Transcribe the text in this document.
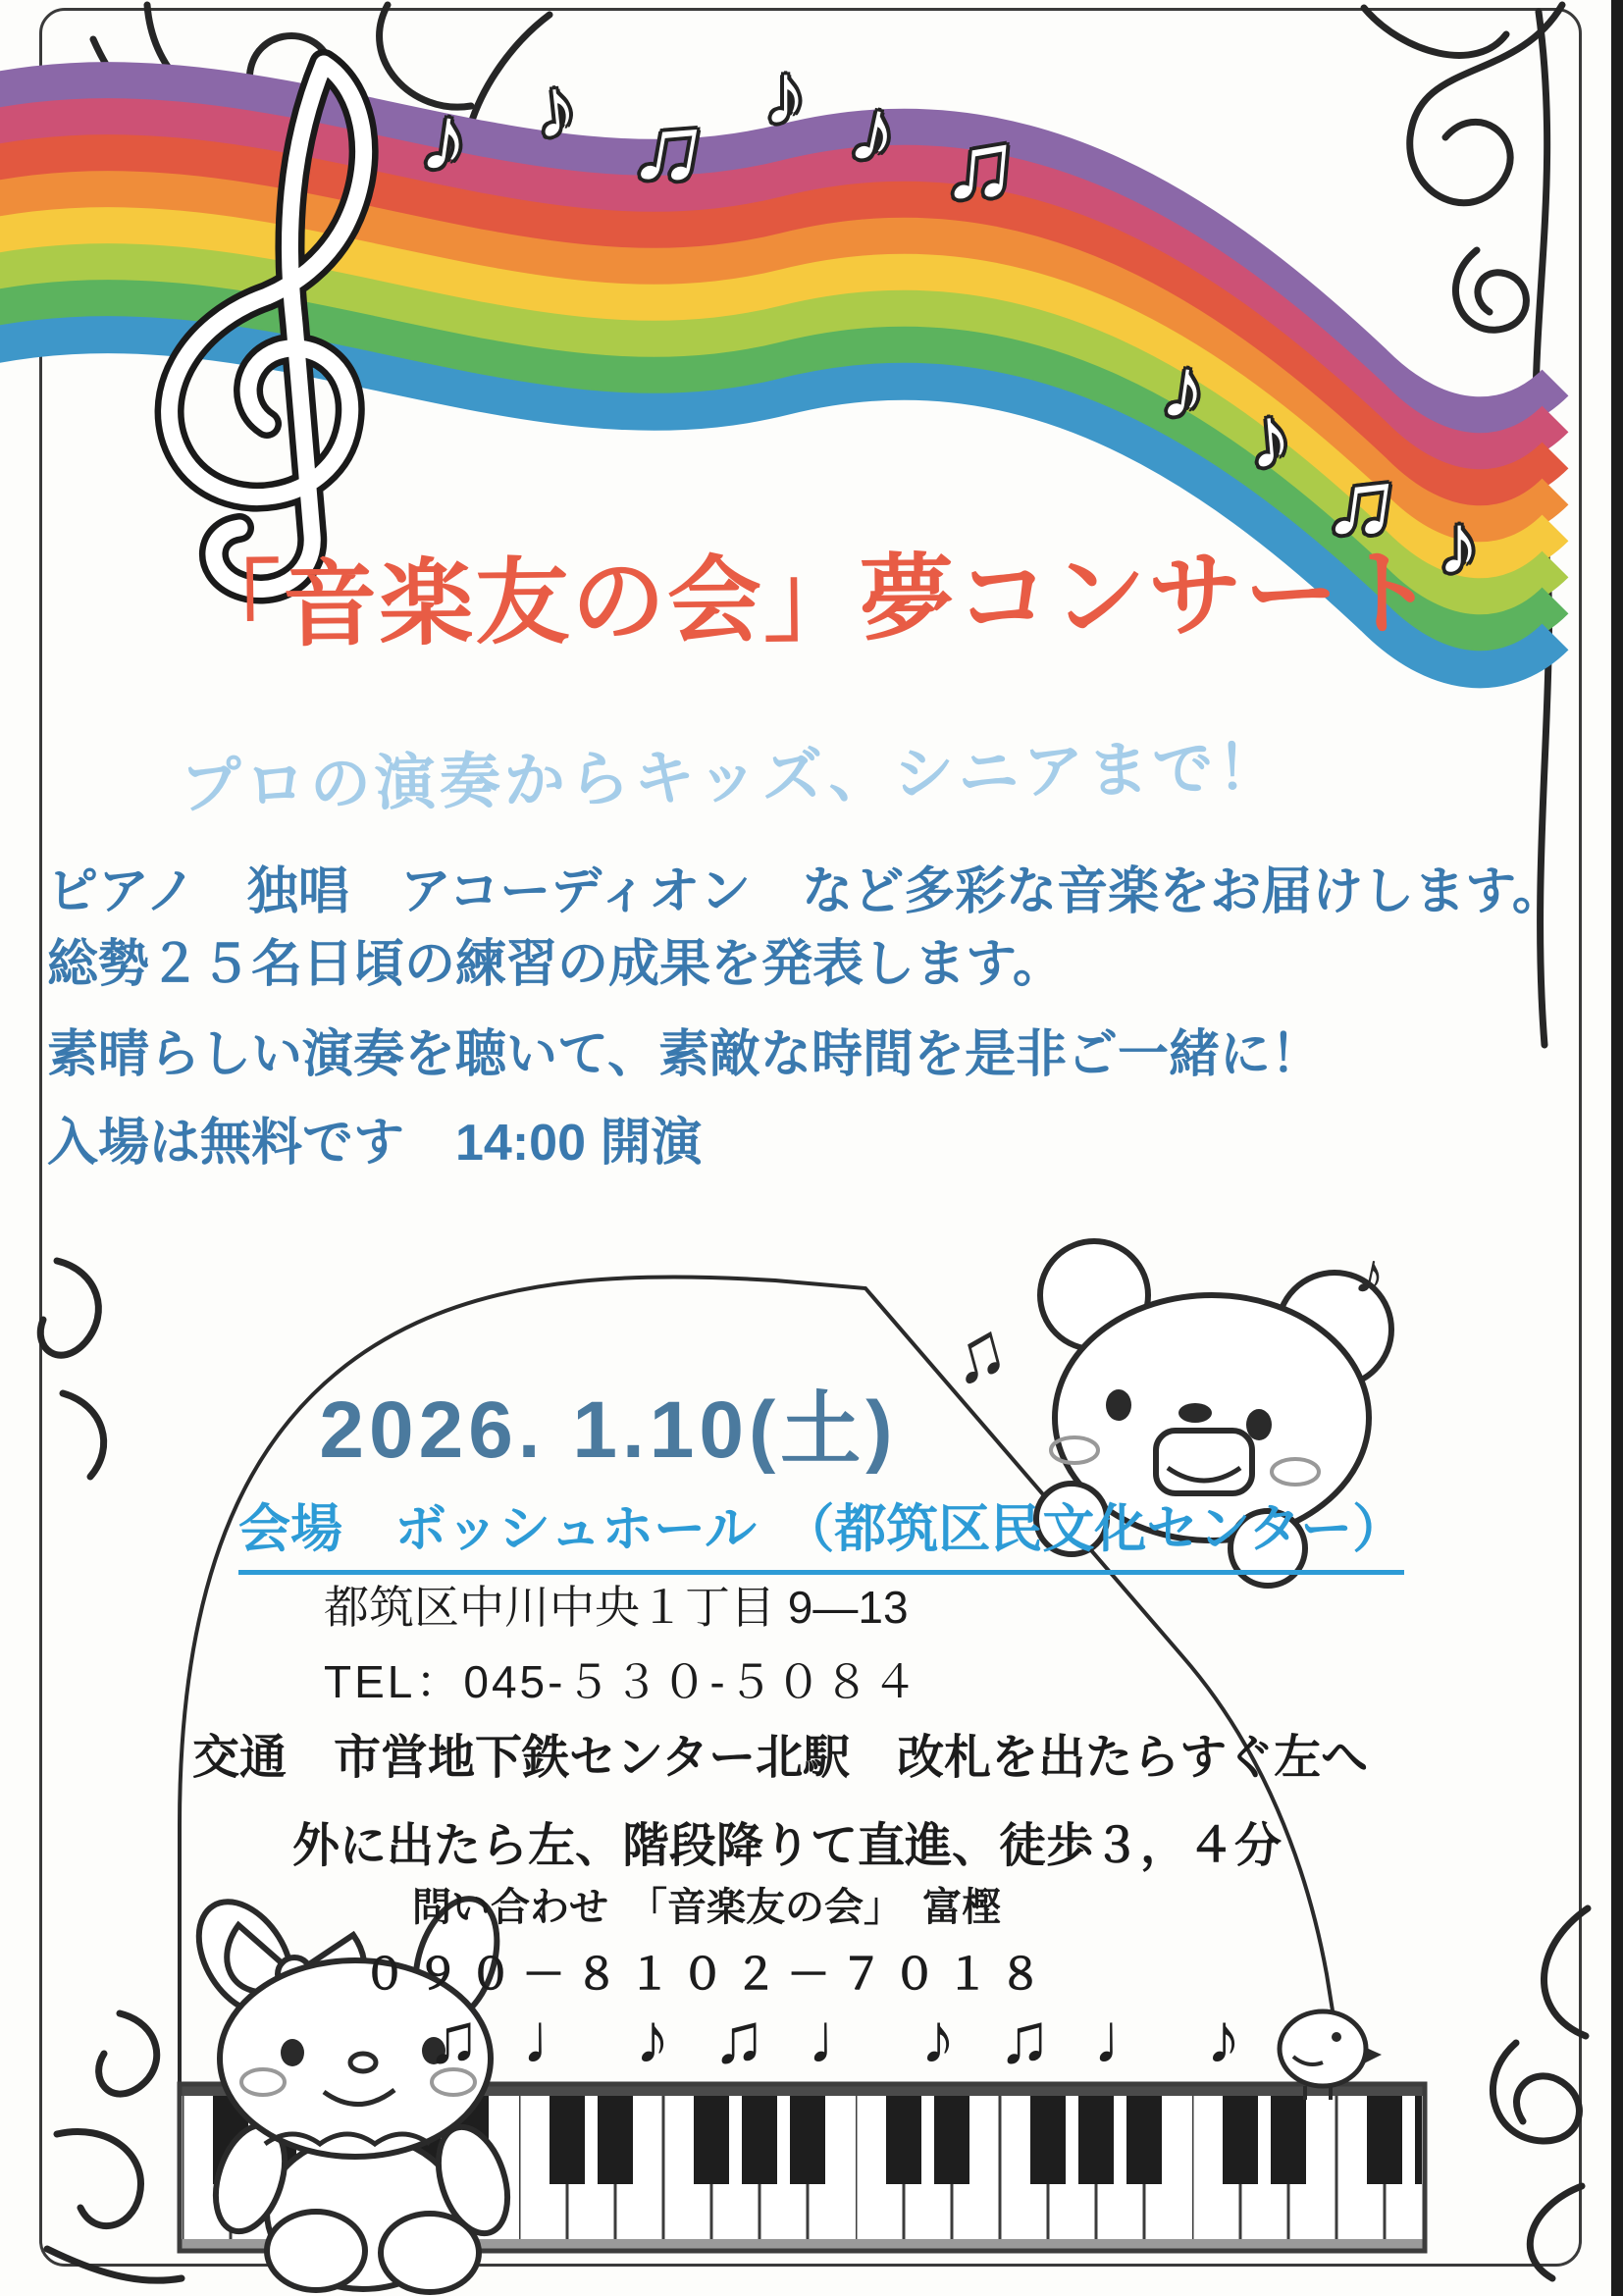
♫
♪
♪ ♪ ♫ ♪ ♪ ♫
♪ ♪
♫ ♪
「音楽友の会」夢コンサート
プロの演奏からキッズ、シニアまで！
ピアノ　独唱　アコーディオン　など多彩な音楽をお届けします。
総勢２５名日頃の練習の成果を発表します。
素晴らしい演奏を聴いて、素敵な時間を是非ご一緒に！
入場は無料です　14:00 開演
2026. 1.10(土)
会場　ボッシュホール　（都筑区民文化センター）
都筑区中川中央１丁目 9—13
TEL：045-５３０-５０８４
交通　市営地下鉄センター北駅　改札を出たらすぐ左へ
外に出たら左、階段降りて直進、徒歩３，４分
問い合わせ　「音楽友の会」　富樫
０９０－８１０２－７０１８
♫ ♩ ♪ ♫ ♩ ♪ ♫ ♩ ♪
